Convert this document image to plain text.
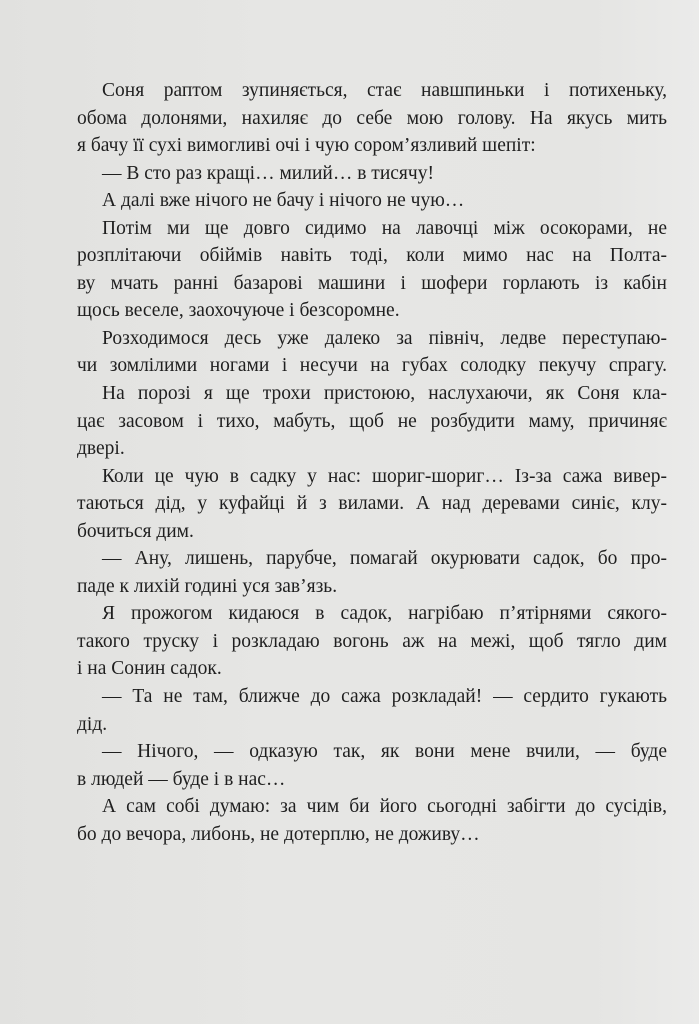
Соня раптом зупиняється, стає навшпиньки і потихеньку,
обома долонями, нахиляє до себе мою голову. На якусь мить
я бачу її сухі вимогливі очі і чую сором’язливий шепіт:
— В сто раз кращі… милий… в тисячу!
А далі вже нічого не бачу і нічого не чую…
Потім ми ще довго сидимо на лавочці між осокорами, не
розплітаючи обіймів навіть тоді, коли мимо нас на Полта-
ву мчать ранні базарові машини і шофери горлають із кабін
щось веселе, заохочуюче і безсоромне.
Розходимося десь уже далеко за північ, ледве переступаю-
чи зомлілими ногами і несучи на губах солодку пекучу спрагу.
На порозі я ще трохи пристоюю, наслухаючи, як Соня кла-
цає засовом і тихо, мабуть, щоб не розбудити маму, причиняє
двері.
Коли це чую в садку у нас: шориг-шориг… Із-за сажа вивер-
таються дід, у куфайці й з вилами. А над деревами синіє, клу-
бочиться дим.
— Ану, лишень, парубче, помагай окурювати садок, бо про-
паде к лихій годині уся зав’язь.
Я прожогом кидаюся в садок, нагрібаю п’ятірнями сякого-
такого труску і розкладаю вогонь аж на межі, щоб тягло дим
і на Сонин садок.
— Та не там, ближче до сажа розкладай! — сердито гукають
дід.
— Нічого, — одказую так, як вони мене вчили, — буде
в людей — буде і в нас…
А сам собі думаю: за чим би його сьогодні забігти до сусідів,
бо до вечора, либонь, не дотерплю, не доживу…
